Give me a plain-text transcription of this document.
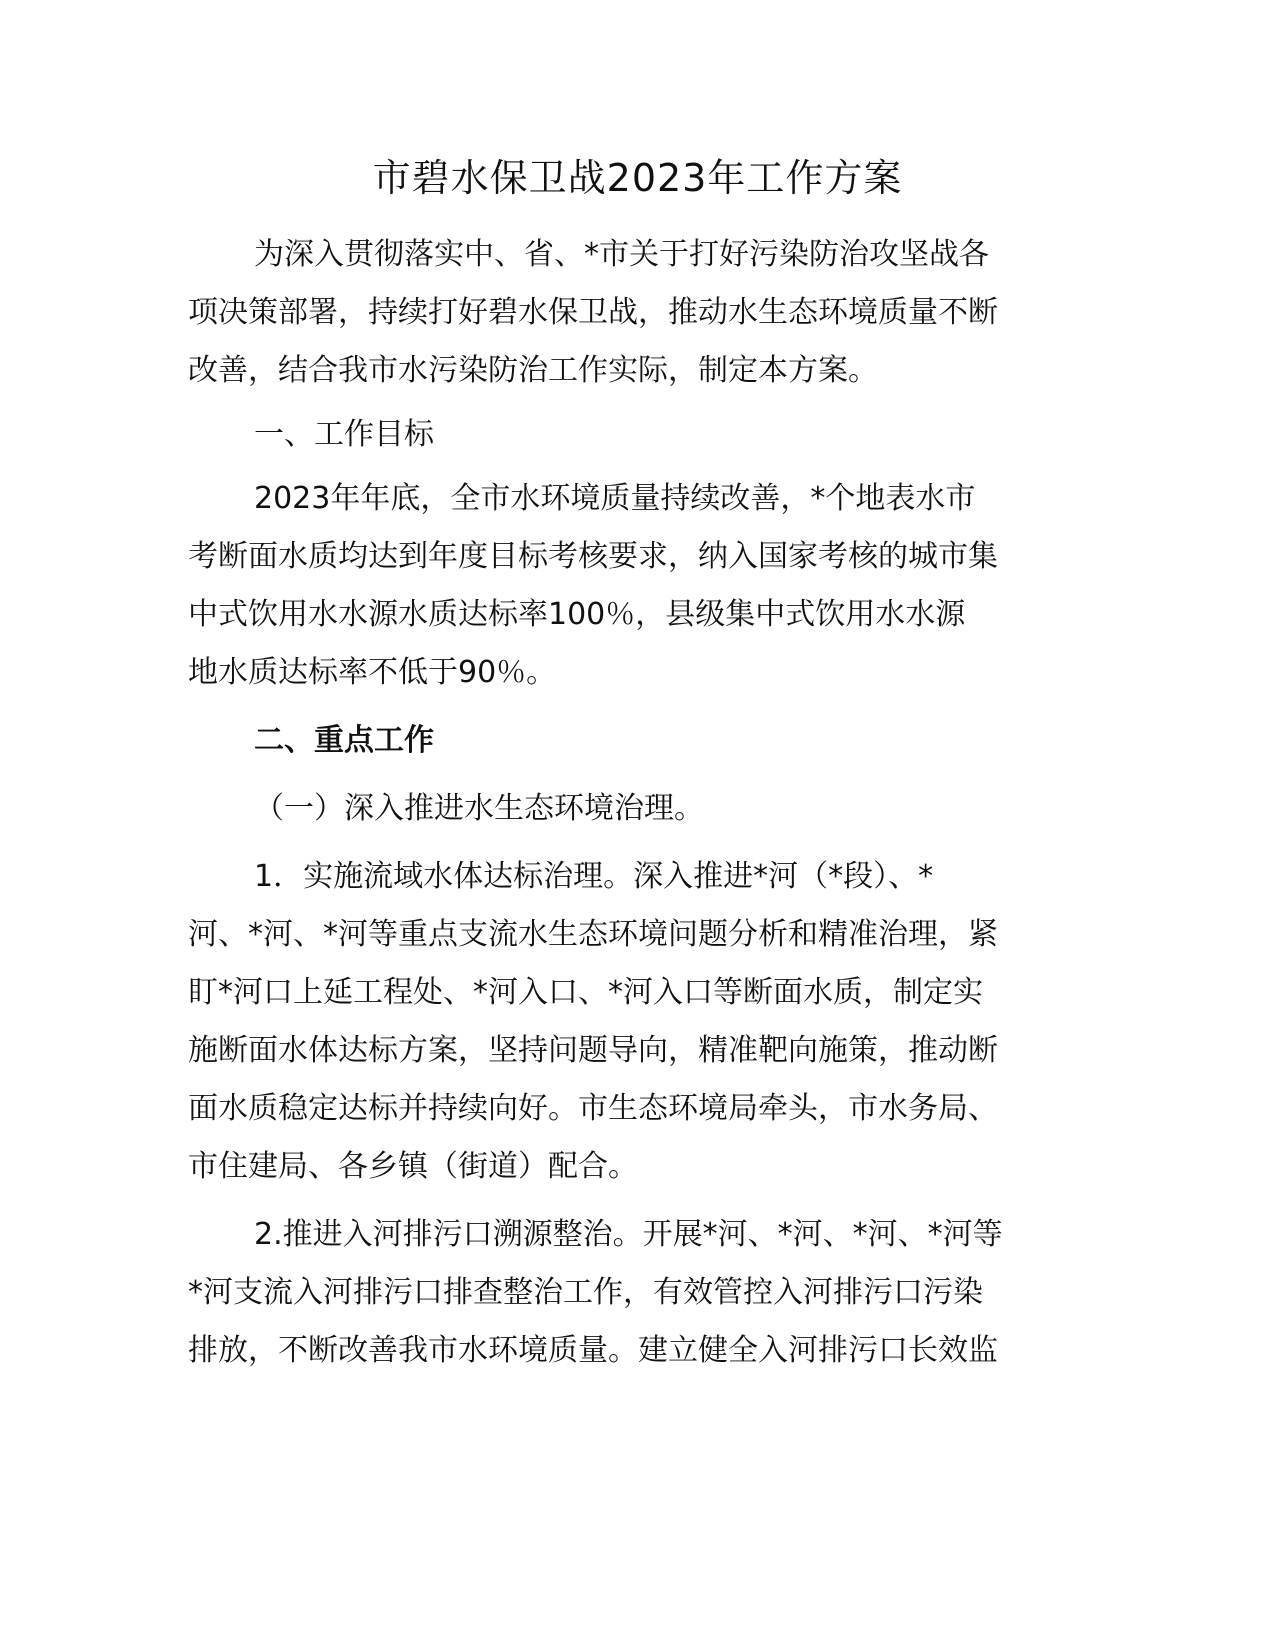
市碧水保卫战2023年工作方案
为深入贯彻落实中、省、*市关于打好污染防治攻坚战各
项决策部署，持续打好碧水保卫战，推动水生态环境质量不断
改善，结合我市水污染防治工作实际，制定本方案。
一、工作目标
2023年年底，全市水环境质量持续改善，*个地表水市
考断面水质均达到年度目标考核要求，纳入国家考核的城市集
中式饮用水水源水质达标率100％，县级集中式饮用水水源
地水质达标率不低于90％。
二、重点工作
（一）深入推进水生态环境治理。
1．实施流域水体达标治理。深入推进*河（*段）、*
河、*河、*河等重点支流水生态环境问题分析和精准治理，紧
盯*河口上延工程处、*河入口、*河入口等断面水质，制定实
施断面水体达标方案，坚持问题导向，精准靶向施策，推动断
面水质稳定达标并持续向好。市生态环境局牵头，市水务局、
市住建局、各乡镇（街道）配合。
2.推进入河排污口溯源整治。开展*河、*河、*河、*河等
*河支流入河排污口排查整治工作，有效管控入河排污口污染
排放，不断改善我市水环境质量。建立健全入河排污口长效监
